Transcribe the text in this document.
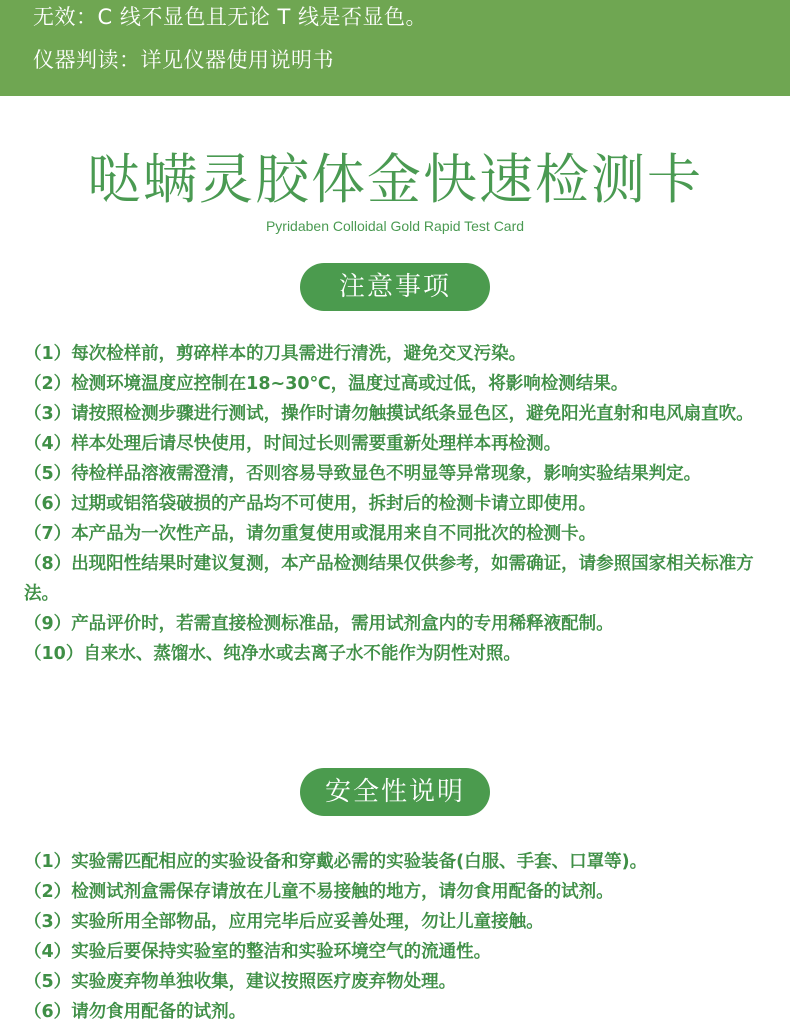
无效：C 线不显色且无论 T 线是否显色。
仪器判读：详见仪器使用说明书
哒螨灵胶体金快速检测卡
Pyridaben Colloidal Gold Rapid Test Card
注意事项
（1）每次检样前，剪碎样本的刀具需进行清洗，避免交叉污染。
（2）检测环境温度应控制在18~30℃，温度过高或过低，将影响检测结果。
（3）请按照检测步骤进行测试，操作时请勿触摸试纸条显色区，避免阳光直射和电风扇直吹。
（4）样本处理后请尽快使用，时间过长则需要重新处理样本再检测。
（5）待检样品溶液需澄清，否则容易导致显色不明显等异常现象，影响实验结果判定。
（6）过期或铝箔袋破损的产品均不可使用，拆封后的检测卡请立即使用。
（7）本产品为一次性产品，请勿重复使用或混用来自不同批次的检测卡。
（8）出现阳性结果时建议复测，本产品检测结果仅供参考，如需确证，请参照国家相关标准方法。
（9）产品评价时，若需直接检测标准品，需用试剂盒内的专用稀释液配制。
（10）自来水、蒸馏水、纯净水或去离子水不能作为阴性对照。
安全性说明
（1）实验需匹配相应的实验设备和穿戴必需的实验装备(白服、手套、口罩等)。
（2）检测试剂盒需保存请放在儿童不易接触的地方，请勿食用配备的试剂。
（3）实验所用全部物品，应用完毕后应妥善处理，勿让儿童接触。
（4）实验后要保持实验室的整洁和实验环境空气的流通性。
（5）实验废弃物单独收集，建议按照医疗废弃物处理。
（6）请勿食用配备的试剂。
